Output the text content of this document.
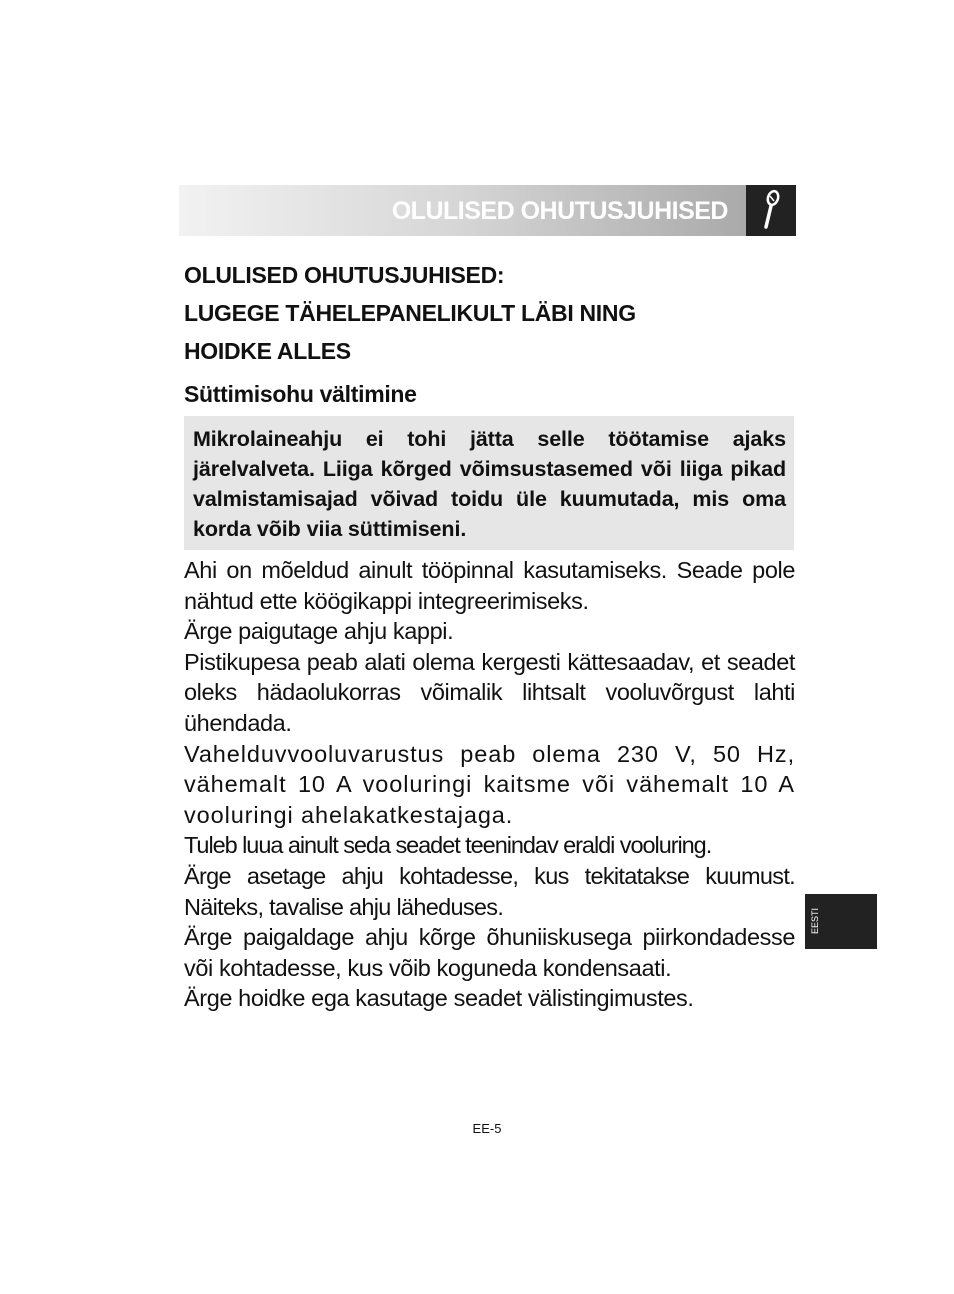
OLULISED OHUTUSJUHISED
OLULISED OHUTUSJUHISED:
LUGEGE TÄHELEPANELIKULT LÄBI NING
HOIDKE ALLES
Süttimisohu vältimine
Mikrolaineahju ei tohi jätta selle töötamise ajaks järelvalveta. Liiga kõrged võimsustasemed või liiga pikad valmistamisajad võivad toidu üle kuumutada, mis oma korda võib viia süttimiseni.

Ahi on mõeldud ainult tööpinnal kasutamiseks. Seade pole nähtud ette köögikappi integreerimiseks.

Ärge paigutage ahju kappi.

Pistikupesa peab alati olema kergesti kättesaadav, et seadet oleks hädaolukorras võimalik lihtsalt vooluvõrgust lahti ühendada.

Vahelduvvooluvarustus peab olema 230 V, 50 Hz, vähemalt 10 A vooluringi kaitsme või vähemalt 10 A vooluringi ahelakatkestajaga.

Tuleb luua ainult seda seadet teenindav eraldi vooluring.

Ärge asetage ahju kohtadesse, kus tekitatakse kuumust. Näiteks, tavalise ahju läheduses.

Ärge paigaldage ahju kõrge õhuniiskusega piirkondadesse või kohtadesse, kus võib koguneda kondensaati.

Ärge hoidke ega kasutage seadet välistingimustes.

EESTI
EE-5
